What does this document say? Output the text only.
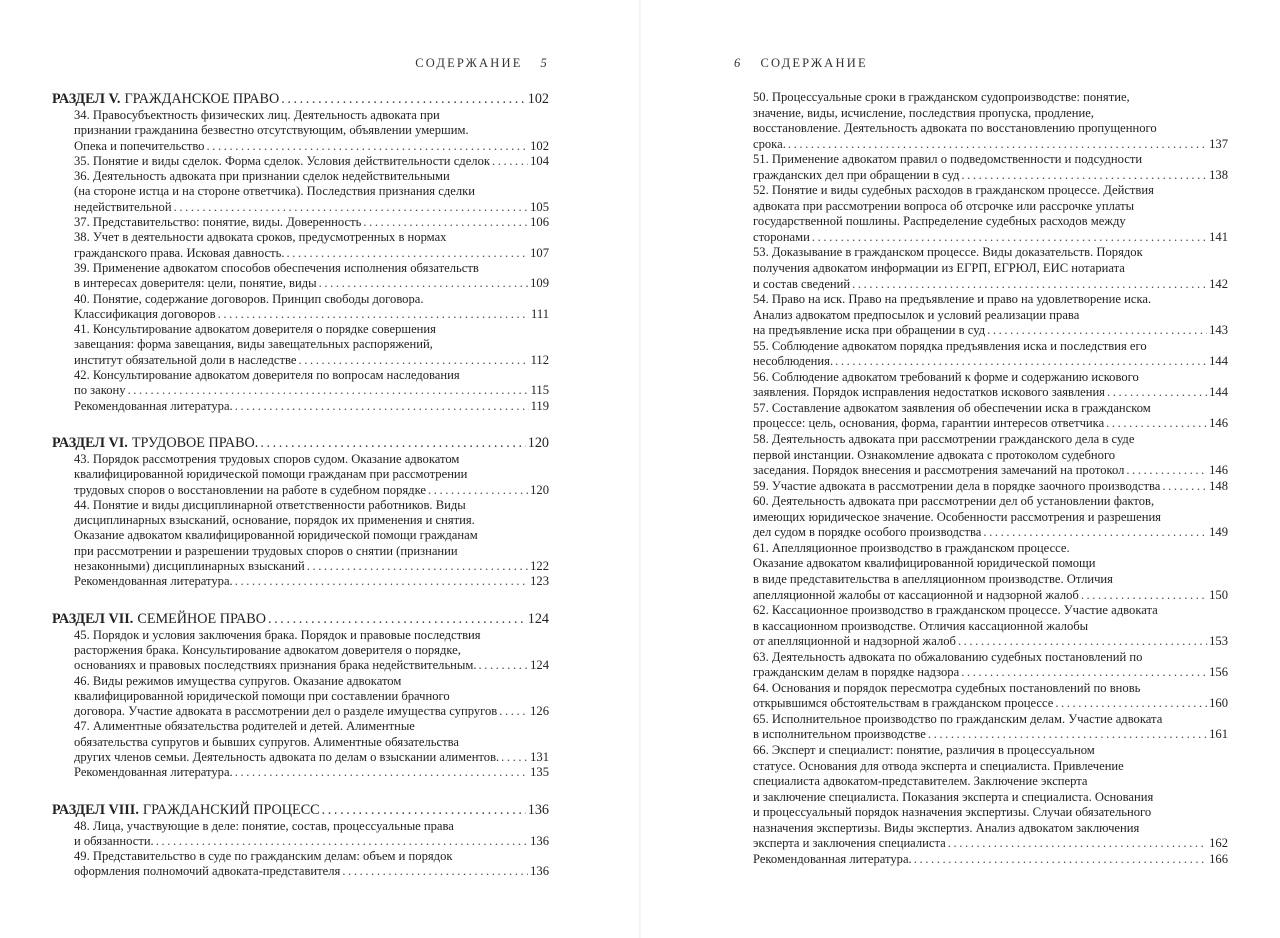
СОДЕРЖАНИЕ 5
РАЗДЕЛ V. ГРАЖДАНСКОЕ ПРАВО .....	102
34. Правосубъектность физических лиц. Деятельность адвоката при
признании гражданина безвестно отсутствующим, объявлении умершим.
Опека и попечительство .....	102
35. Понятие и виды сделок. Форма сделок. Условия действительности сделок .....	104
36. Деятельность адвоката при признании сделок недействительными
(на стороне истца и на стороне ответчика). Последствия признания сделки
недействительной .....	105
37. Представительство: понятие, виды. Доверенность .....	106
38. Учет в деятельности адвоката сроков, предусмотренных в нормах
гражданского права. Исковая давность. .....	107
39. Применение адвокатом способов обеспечения исполнения обязательств
в интересах доверителя: цели, понятие, виды .....	109
40. Понятие, содержание договоров. Принцип свободы договора.
Классификация договоров .....	111
41. Консультирование адвокатом доверителя о порядке совершения
завещания: форма завещания, виды завещательных распоряжений,
институт обязательной доли в наследстве .....	112
42. Консультирование адвокатом доверителя по вопросам наследования
по закону .....	115
Рекомендованная литература. .....	119
РАЗДЕЛ VI. ТРУДОВОЕ ПРАВО. .....	120
43. Порядок рассмотрения трудовых споров судом. Оказание адвокатом
квалифицированной юридической помощи гражданам при рассмотрении
трудовых споров о восстановлении на работе в судебном порядке .....	120
44. Понятие и виды дисциплинарной ответственности работников. Виды
дисциплинарных взысканий, основание, порядок их применения и снятия.
Оказание адвокатом квалифицированной юридической помощи гражданам
при рассмотрении и разрешении трудовых споров о снятии (признании
незаконными) дисциплинарных взысканий .....	122
Рекомендованная литература. .....	123
РАЗДЕЛ VII. СЕМЕЙНОЕ ПРАВО .....	124
45. Порядок и условия заключения брака. Порядок и правовые последствия
расторжения брака. Консультирование адвокатом доверителя о порядке,
основаниях и правовых последствиях признания брака недействительным. .....	124
46. Виды режимов имущества супругов. Оказание адвокатом
квалифицированной юридической помощи при составлении брачного
договора. Участие адвоката в рассмотрении дел о разделе имущества супругов .....	126
47. Алиментные обязательства родителей и детей. Алиментные
обязательства супругов и бывших супругов. Алиментные обязательства
других членов семьи. Деятельность адвоката по делам о взыскании алиментов. ..... 131
Рекомендованная литература. .....	135
РАЗДЕЛ VIII. ГРАЖДАНСКИЙ ПРОЦЕСС .....	136
48. Лица, участвующие в деле: понятие, состав, процессуальные права
и обязанности. .....	136
49. Представительство в суде по гражданским делам: объем и порядок
оформления полномочий адвоката-представителя .....	136
6 СОДЕРЖАНИЕ
50. Процессуальные сроки в гражданском судопроизводстве: понятие,
значение, виды, исчисление, последствия пропуска, продление,
восстановление. Деятельность адвоката по восстановлению пропущенного
срока. .....	137
51. Применение адвокатом правил о подведомственности и подсудности
гражданских дел при обращении в суд .....	138
52. Понятие и виды судебных расходов в гражданском процессе. Действия
адвоката при рассмотрении вопроса об отсрочке или рассрочке уплаты
государственной пошлины. Распределение судебных расходов между
сторонами .....	141
53. Доказывание в гражданском процессе. Виды доказательств. Порядок
получения адвокатом информации из ЕГРП, ЕГРЮЛ, ЕИС нотариата
и состав сведений .....	142
54. Право на иск. Право на предъявление и право на удовлетворение иска.
Анализ адвокатом предпосылок и условий реализации права
на предъявление иска при обращении в суд .....	143
55. Соблюдение адвокатом порядка предъявления иска и последствия его
несоблюдения. .....	144
56. Соблюдение адвокатом требований к форме и содержанию искового
заявления. Порядок исправления недостатков искового заявления .....	144
57. Составление адвокатом заявления об обеспечении иска в гражданском
процессе: цель, основания, форма, гарантии интересов ответчика .....	146
58. Деятельность адвоката при рассмотрении гражданского дела в суде
первой инстанции. Ознакомление адвоката с протоколом судебного
заседания. Порядок внесения и рассмотрения замечаний на протокол .....	146
59. Участие адвоката в рассмотрении дела в порядке заочного производства .....	148
60. Деятельность адвоката при рассмотрении дел об установлении фактов,
имеющих юридическое значение. Особенности рассмотрения и разрешения
дел судом в порядке особого производства .....	149
61. Апелляционное производство в гражданском процессе.
Оказание адвокатом квалифицированной юридической помощи
в виде представительства в апелляционном производстве. Отличия
апелляционной жалобы от кассационной и надзорной жалоб .....	150
62. Кассационное производство в гражданском процессе. Участие адвоката
в кассационном производстве. Отличия кассационной жалобы
от апелляционной и надзорной жалоб .....	153
63. Деятельность адвоката по обжалованию судебных постановлений по
гражданским делам в порядке надзора .....	156
64. Основания и порядок пересмотра судебных постановлений по вновь
открывшимся обстоятельствам в гражданском процессе .....	160
65. Исполнительное производство по гражданским делам. Участие адвоката
в исполнительном производстве .....	161
66. Эксперт и специалист: понятие, различия в процессуальном
статусе. Основания для отвода эксперта и специалиста. Привлечение
специалиста адвокатом-представителем. Заключение эксперта
и заключение специалиста. Показания эксперта и специалиста. Основания
и процессуальный порядок назначения экспертизы. Случаи обязательного
назначения экспертизы. Виды экспертиз. Анализ адвокатом заключения
эксперта и заключения специалиста .....	162
Рекомендованная литература. .....	166
